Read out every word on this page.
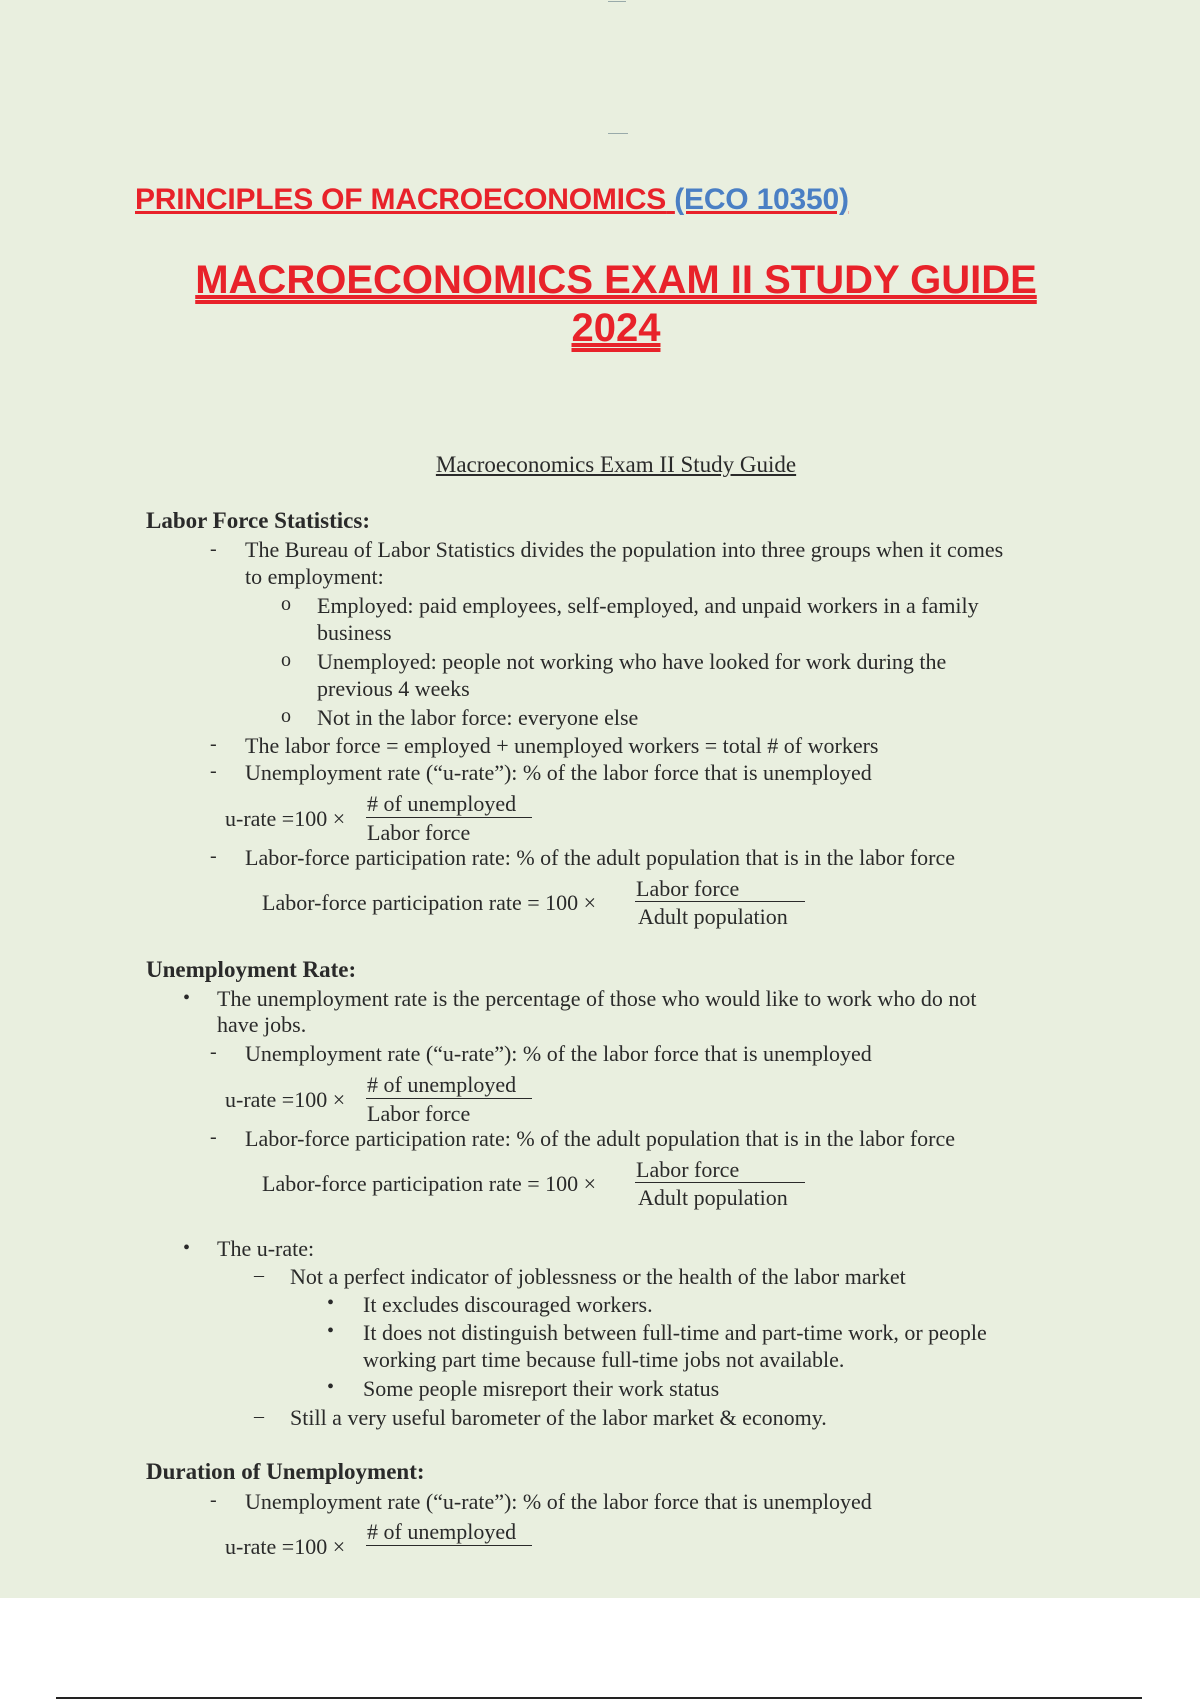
PRINCIPLES OF MACROECONOMICS (ECO 10350)
MACROECONOMICS EXAM II STUDY GUIDE
2024
Macroeconomics Exam II Study Guide
Labor Force Statistics:
- The Bureau of Labor Statistics divides the population into three groups when it comes
to employment:
o Employed: paid employees, self-employed, and unpaid workers in a family
business
o Unemployed: people not working who have looked for work during the
previous 4 weeks
o Not in the labor force: everyone else
- The labor force = employed + unemployed workers = total # of workers
- Unemployment rate (“u-rate”): % of the labor force that is unemployed
u-rate =100 ×
# of unemployed
Labor force
- Labor-force participation rate: % of the adult population that is in the labor force
Labor-force participation rate = 100 ×
Labor force
Adult population
Unemployment Rate:
• The unemployment rate is the percentage of those who would like to work who do not
have jobs.
- Unemployment rate (“u-rate”): % of the labor force that is unemployed
u-rate =100 ×
# of unemployed
Labor force
- Labor-force participation rate: % of the adult population that is in the labor force
Labor-force participation rate = 100 ×
Labor force
Adult population
• The u-rate:
– Not a perfect indicator of joblessness or the health of the labor market
• It excludes discouraged workers.
• It does not distinguish between full-time and part-time work, or people
working part time because full-time jobs not available.
• Some people misreport their work status
– Still a very useful barometer of the labor market & economy.
Duration of Unemployment:
- Unemployment rate (“u-rate”): % of the labor force that is unemployed
u-rate =100 ×
# of unemployed
